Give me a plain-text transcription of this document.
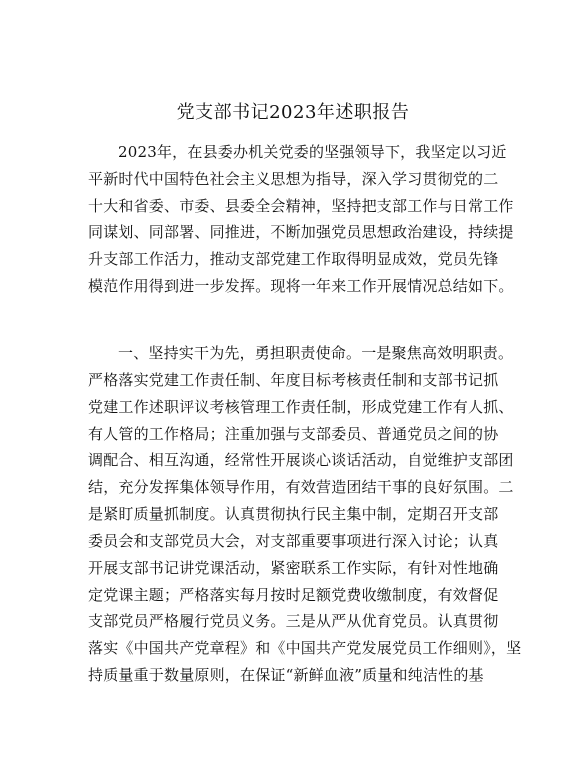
党支部书记2023年述职报告
2023年，在县委办机关党委的坚强领导下，我坚定以习近
平新时代中国特色社会主义思想为指导，深入学习贯彻党的二
十大和省委、市委、县委全会精神，坚持把支部工作与日常工作
同谋划、同部署、同推进，不断加强党员思想政治建设，持续提
升支部工作活力，推动支部党建工作取得明显成效，党员先锋
模范作用得到进一步发挥。现将一年来工作开展情况总结如下。
一、坚持实干为先，勇担职责使命。一是聚焦高效明职责。
严格落实党建工作责任制、年度目标考核责任制和支部书记抓
党建工作述职评议考核管理工作责任制，形成党建工作有人抓、
有人管的工作格局；注重加强与支部委员、普通党员之间的协
调配合、相互沟通，经常性开展谈心谈话活动，自觉维护支部团
结，充分发挥集体领导作用，有效营造团结干事的良好氛围。二
是紧盯质量抓制度。认真贯彻执行民主集中制，定期召开支部
委员会和支部党员大会，对支部重要事项进行深入讨论；认真
开展支部书记讲党课活动，紧密联系工作实际，有针对性地确
定党课主题；严格落实每月按时足额党费收缴制度，有效督促
支部党员严格履行党员义务。三是从严从优育党员。认真贯彻
落实《中国共产党章程》和《中国共产党发展党员工作细则》，坚
持质量重于数量原则，在保证“新鲜血液”质量和纯洁性的基
